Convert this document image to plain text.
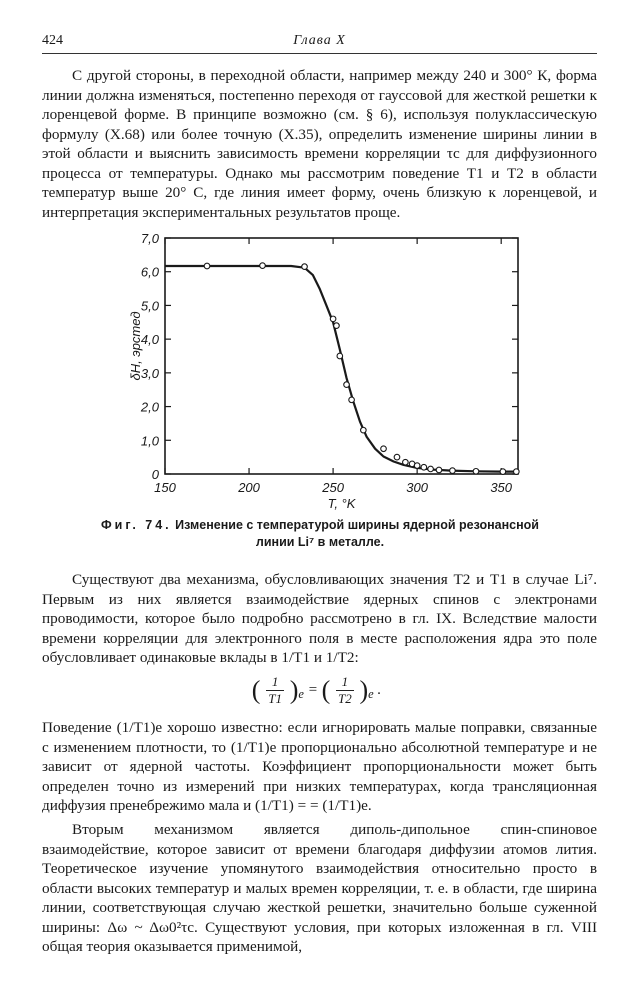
424	Глава X

С другой стороны, в переходной области, например между 240 и 300° К, форма линии должна изменяться, постепенно переходя от гауссовой для жесткой решетки к лоренцевой форме. В принципе возможно (см. § 6), используя полуклассическую формулу (X.68) или более точную (X.35), определить изменение ширины линии в этой области и выяснить зависимость времени корреляции τc для диффузионного процесса от температуры. Однако мы рассмотрим поведение T1 и T2 в области температур выше 20° С, где линия имеет форму, очень близкую к лоренцевой, и интерпретация экспериментальных результатов проще.

150	200	250	300	350
0
1,0
2,0
3,0
4,0
5,0
6,0
7,0
T, °K
δH, эрстед
Фиг. 74. Изменение с температурой ширины ядерной резонансной линии Li⁷ в металле.

Существуют два механизма, обусловливающих значения T2 и T1 в случае Li⁷. Первым из них является взаимодействие ядерных спинов с электронами проводимости, которое было подробно рассмотрено в гл. IX. Вследствие малости времени корреляции для электронного поля в месте расположения ядра это поле обусловливает одинаковые вклады в 1/T1 и 1/T2:

( $\frac{1}{T1} )_e$ = ( $\frac{1}{T2} )_e$ .

Поведение (1/T1)e хорошо известно: если игнорировать малые поправки, связанные с изменением плотности, то (1/T1)e пропорционально абсолютной температуре и не зависит от ядерной частоты. Коэффициент пропорциональности может быть определен точно из измерений при низких температурах, когда трансляционная диффузия пренебрежимо мала и (1/T1) = = (1/T1)e.

Вторым механизмом является диполь-дипольное спин-спиновое взаимодействие, которое зависит от времени благодаря диффузии атомов лития. Теоретическое изучение упомянутого взаимодействия относительно просто в области высоких температур и малых времен корреляции, т. е. в области, где ширина линии, соответствующая случаю жесткой решетки, значительно больше суженной ширины: Δω ~ Δω0²τc. Существуют условия, при которых изложенная в гл. VIII общая теория оказывается применимой,
